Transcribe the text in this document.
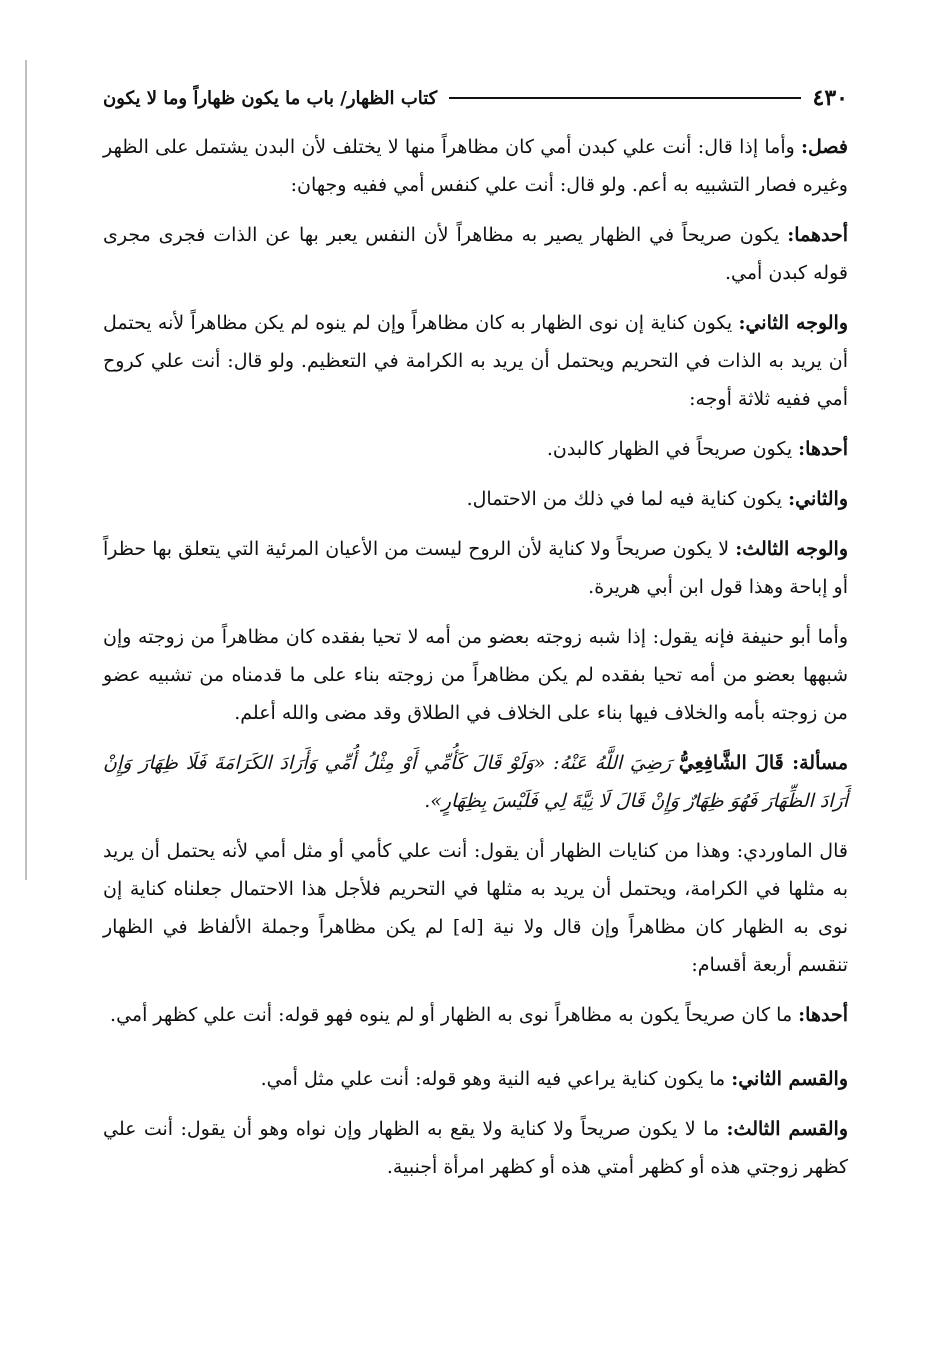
٤٣٠
كتاب الظهار/ باب ما يكون ظهاراً وما لا يكون

فصل: وأما إذا قال: أنت علي كبدن أمي كان مظاهراً منها لا يختلف لأن البدن يشتمل على الظهر وغيره فصار التشبيه به أعم. ولو قال: أنت علي كنفس أمي ففيه وجهان:

أحدهما: يكون صريحاً في الظهار يصير به مظاهراً لأن النفس يعبر بها عن الذات فجرى مجرى قوله كبدن أمي.

والوجه الثاني: يكون كناية إن نوى الظهار به كان مظاهراً وإن لم ينوه لم يكن مظاهراً لأنه يحتمل أن يريد به الذات في التحريم ويحتمل أن يريد به الكرامة في التعظيم. ولو قال: أنت علي كروح أمي ففيه ثلاثة أوجه:

أحدها: يكون صريحاً في الظهار كالبدن.

والثاني: يكون كناية فيه لما في ذلك من الاحتمال.

والوجه الثالث: لا يكون صريحاً ولا كناية لأن الروح ليست من الأعيان المرئية التي يتعلق بها حظراً أو إباحة وهذا قول ابن أبي هريرة.

وأما أبو حنيفة فإنه يقول: إذا شبه زوجته بعضو من أمه لا تحيا بفقده كان مظاهراً من زوجته وإن شبهها بعضو من أمه تحيا بفقده لم يكن مظاهراً من زوجته بناء على ما قدمناه من تشبيه عضو من زوجته بأمه والخلاف فيها بناء على الخلاف في الطلاق وقد مضى والله أعلم.

مسألة: قَالَ الشَّافِعِيُّ رَضِيَ اللَّهُ عَنْهُ: «وَلَوْ قَالَ كَأُمِّي أَوْ مِثْلُ أُمِّي وَأَرَادَ الكَرَامَةَ فَلَا ظِهَارَ وَإِنْ أَرَادَ الظِّهَارَ فَهُوَ ظِهَارٌ وَإِنْ قَالَ لَا نِيَّةَ لِي فَلَيْسَ بِظِهَارٍ».

قال الماوردي: وهذا من كنايات الظهار أن يقول: أنت علي كأمي أو مثل أمي لأنه يحتمل أن يريد به مثلها في الكرامة، ويحتمل أن يريد به مثلها في التحريم فلأجل هذا الاحتمال جعلناه كناية إن نوى به الظهار كان مظاهراً وإن قال ولا نية [له] لم يكن مظاهراً وجملة الألفاظ في الظهار تنقسم أربعة أقسام:

أحدها: ما كان صريحاً يكون به مظاهراً نوى به الظهار أو لم ينوه فهو قوله: أنت علي كظهر أمي.

والقسم الثاني: ما يكون كناية يراعي فيه النية وهو قوله: أنت علي مثل أمي.

والقسم الثالث: ما لا يكون صريحاً ولا كناية ولا يقع به الظهار وإن نواه وهو أن يقول: أنت علي كظهر زوجتي هذه أو كظهر أمتي هذه أو كظهر امرأة أجنبية.
